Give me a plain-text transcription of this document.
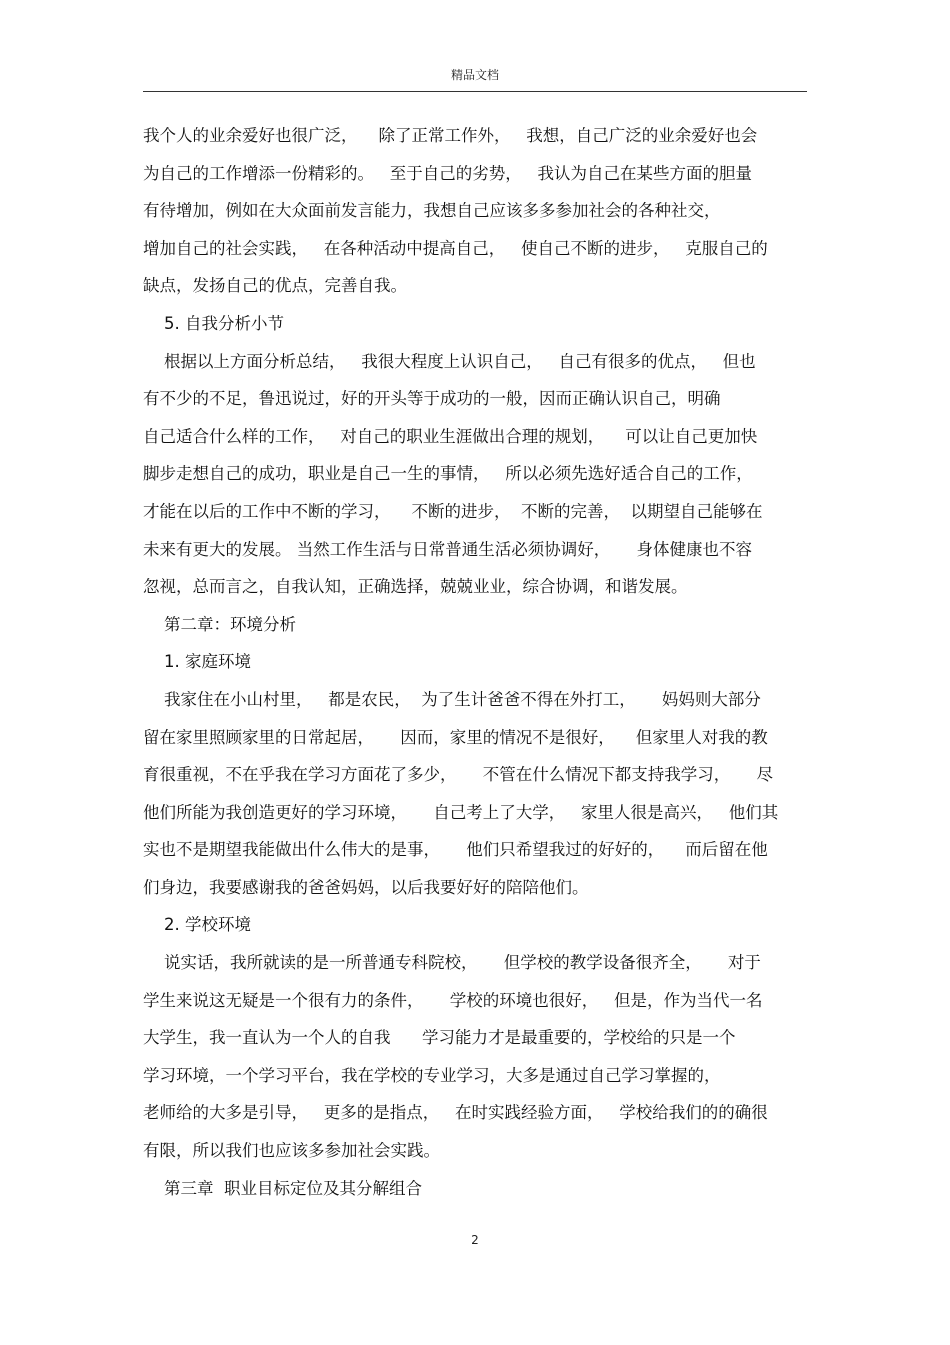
精品文档
我个人的业余爱好也很广泛，    除了正常工作外，   我想，自己广泛的业余爱好也会
为自己的工作增添一份精彩的。   至于自己的劣势，   我认为自己在某些方面的胆量
有待增加，例如在大众面前发言能力，我想自己应该多多参加社会的各种社交，
增加自己的社会实践，   在各种活动中提高自己，   使自己不断的进步，   克服自己的
缺点，发扬自己的优点，完善自我。
5. 自我分析小节
根据以上方面分析总结，   我很大程度上认识自己，   自己有很多的优点，   但也
有不少的不足，鲁迅说过，好的开头等于成功的一般，因而正确认识自己，明确
自己适合什么样的工作，   对自己的职业生涯做出合理的规划，    可以让自己更加快
脚步走想自己的成功，职业是自己一生的事情，   所以必须先选好适合自己的工作，
才能在以后的工作中不断的学习，    不断的进步，  不断的完善，  以期望自己能够在
未来有更大的发展。 当然工作生活与日常普通生活必须协调好，     身体健康也不容
忽视，总而言之，自我认知，正确选择，兢兢业业，综合协调，和谐发展。
第二章：环境分析
1. 家庭环境
我家住在小山村里，   都是农民，  为了生计爸爸不得在外打工，     妈妈则大部分
留在家里照顾家里的日常起居，     因而，家里的情况不是很好，    但家里人对我的教
育很重视，不在乎我在学习方面花了多少，     不管在什么情况下都支持我学习，     尽
他们所能为我创造更好的学习环境，     自己考上了大学，   家里人很是高兴，   他们其
实也不是期望我能做出什么伟大的是事，     他们只希望我过的好好的，    而后留在他
们身边，我要感谢我的爸爸妈妈，以后我要好好的陪陪他们。
2. 学校环境
说实话，我所就读的是一所普通专科院校，     但学校的教学设备很齐全，     对于
学生来说这无疑是一个很有力的条件，     学校的环境也很好，   但是，作为当代一名
大学生，我一直认为一个人的自我      学习能力才是最重要的，学校给的只是一个
学习环境，一个学习平台，我在学校的专业学习，大多是通过自己学习掌握的，
老师给的大多是引导，   更多的是指点，   在时实践经验方面，   学校给我们的的确很
有限，所以我们也应该多参加社会实践。
第三章  职业目标定位及其分解组合
2
